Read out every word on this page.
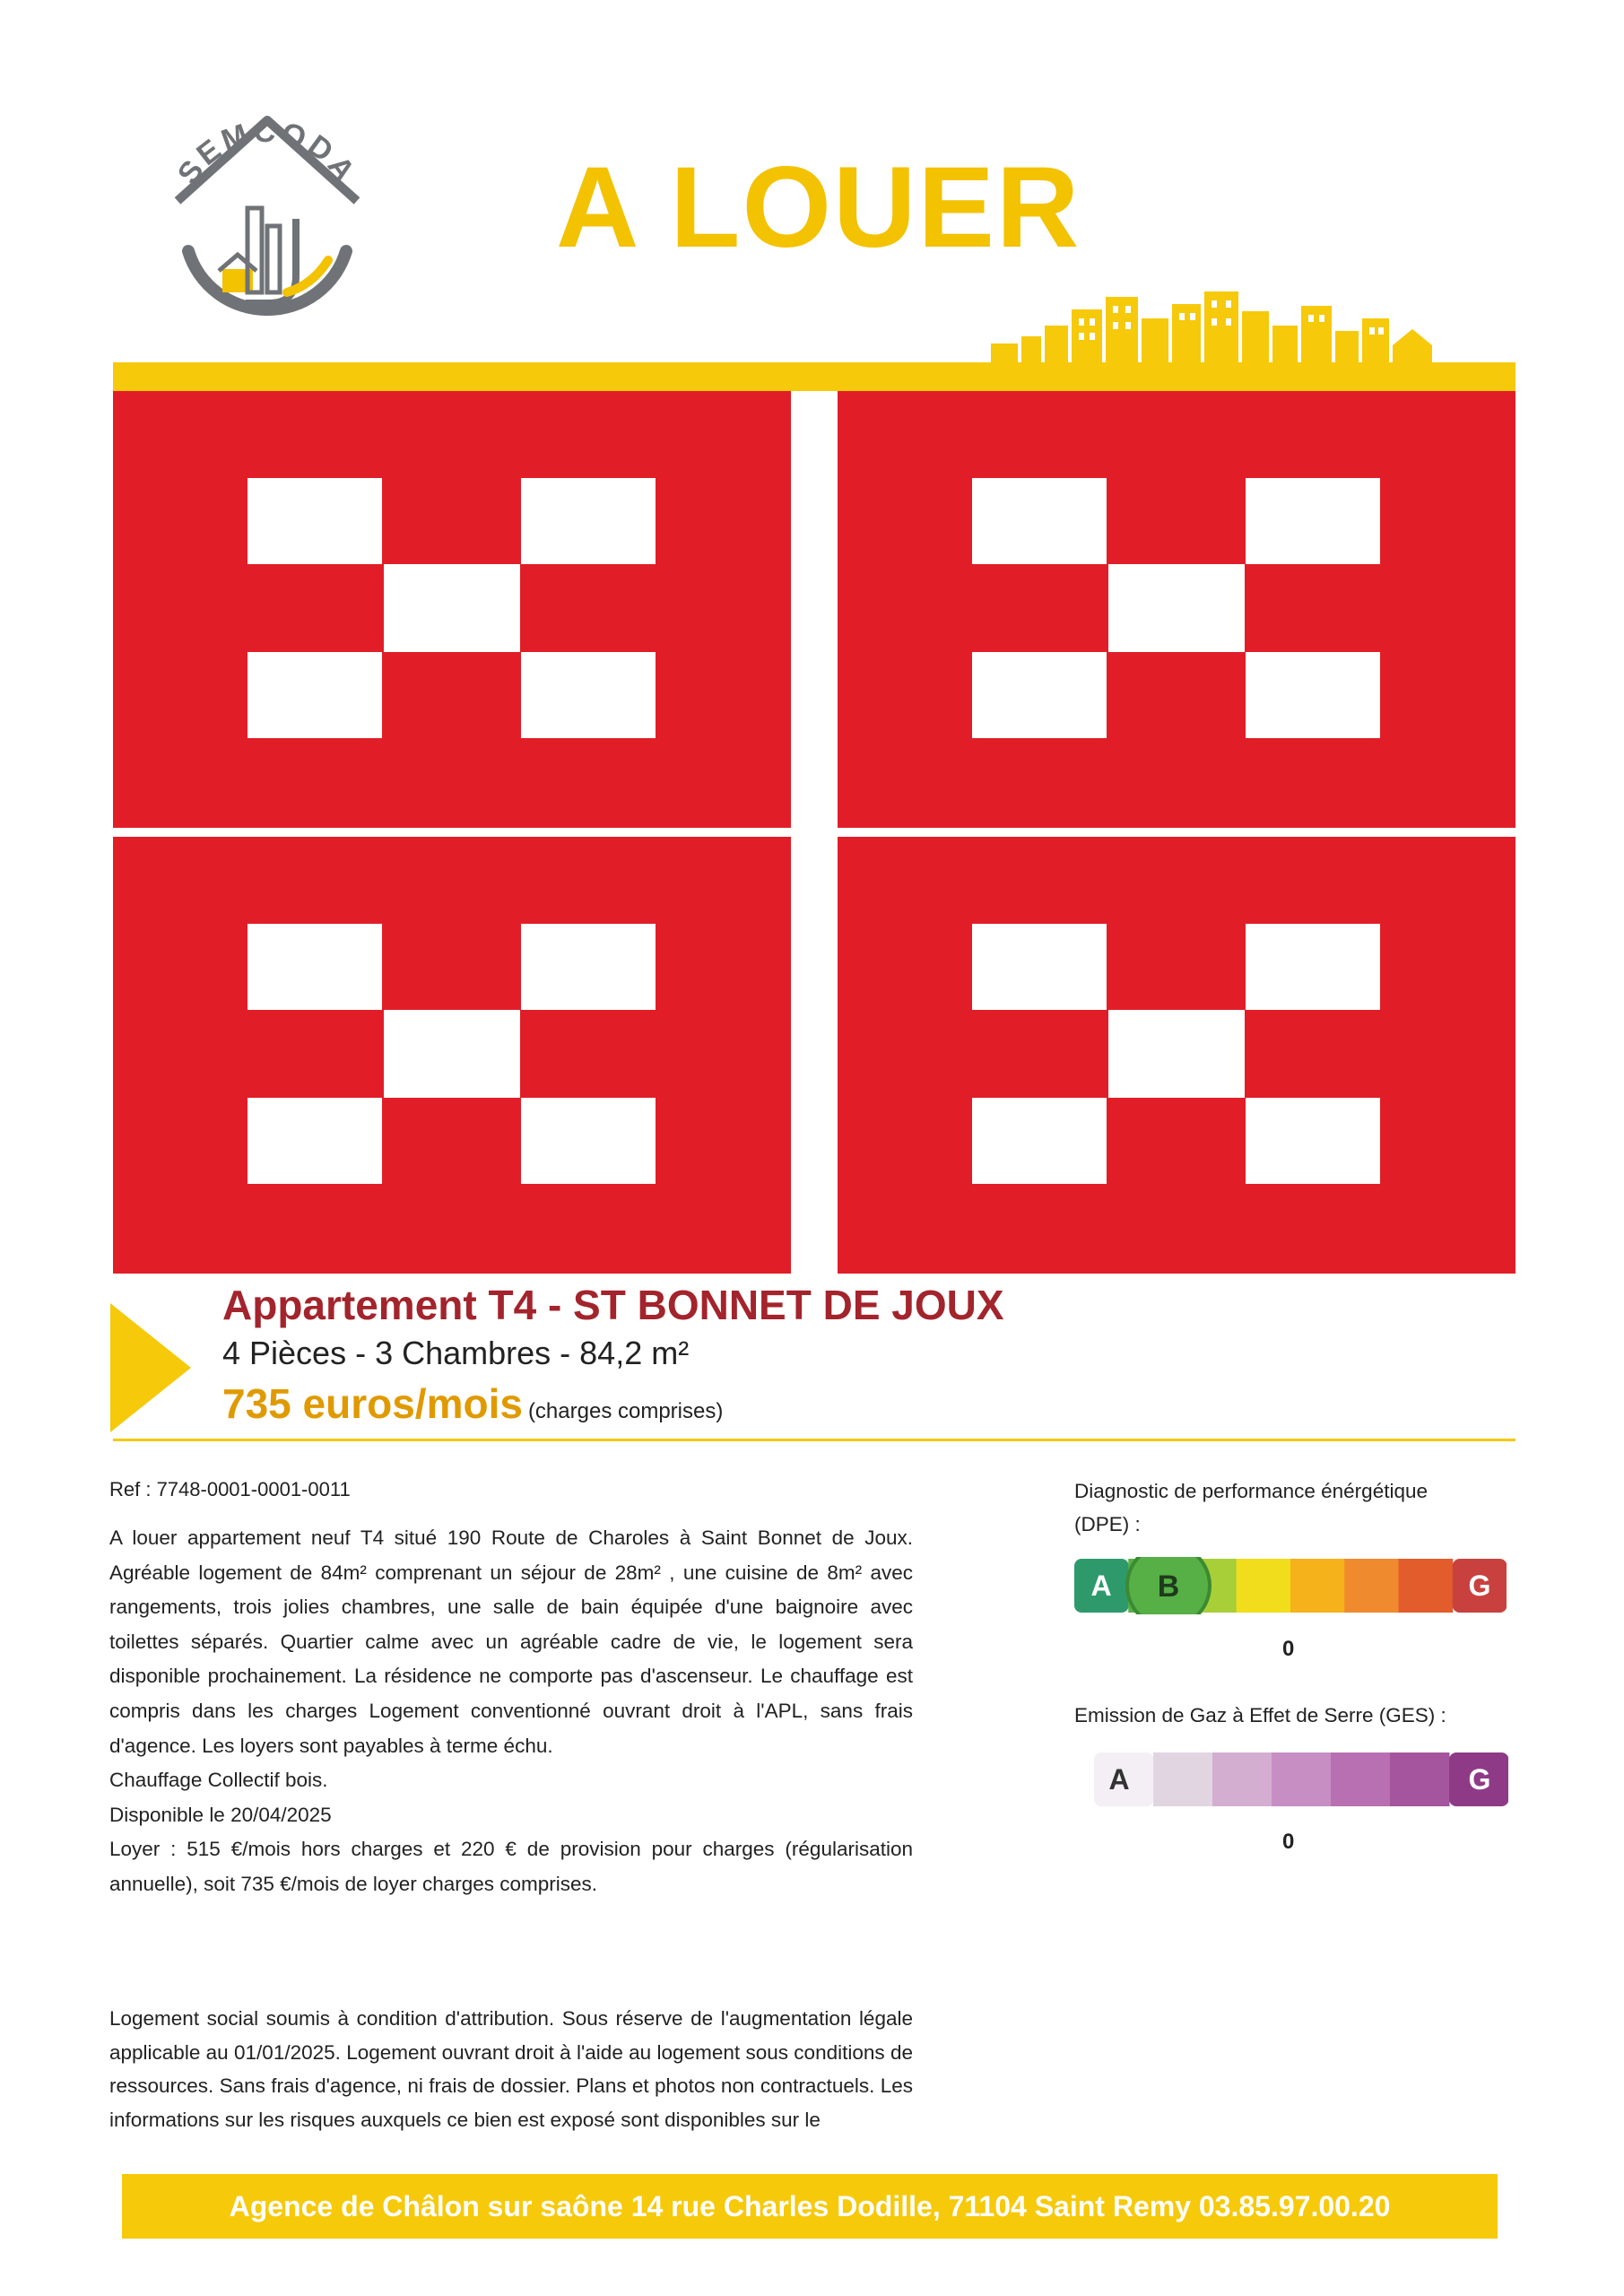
SEMCODA A LOUER
Appartement T4 - ST BONNET DE JOUX
4 Pièces - 3 Chambres - 84,2 m²
735 euros/mois (charges comprises)
Ref : 7748-0001-0001-0011

A louer appartement neuf T4 situé 190 Route de Charoles à Saint Bonnet de Joux. Agréable logement de 84m² comprenant un séjour de 28m² , une cuisine de 8m² avec rangements, trois jolies chambres, une salle de bain équipée d'une baignoire avec toilettes séparés. Quartier calme avec un agréable cadre de vie, le logement sera disponible prochainement. La résidence ne comporte pas d'ascenseur. Le chauffage est compris dans les charges Logement conventionné ouvrant droit à l'APL, sans frais d'agence. Les loyers sont payables à terme échu.

Chauffage Collectif bois.

Disponible le 20/04/2025

Loyer : 515 €/mois hors charges et 220 € de provision pour charges (régularisation annuelle), soit 735 €/mois de loyer charges comprises.

Logement social soumis à condition d'attribution. Sous réserve de l'augmentation légale applicable au 01/01/2025. Logement ouvrant droit à l'aide au logement sous conditions de ressources. Sans frais d'agence, ni frais de dossier. Plans et photos non contractuels. Les informations sur les risques auxquels ce bien est exposé sont disponibles sur le
Diagnostic de performance énérgétique (DPE) :
A B	G
0
Emission de Gaz à Effet de Serre (GES) :
A	G
0
Agence de Châlon sur saône 14 rue Charles Dodille, 71104 Saint Remy 03.85.97.00.20
